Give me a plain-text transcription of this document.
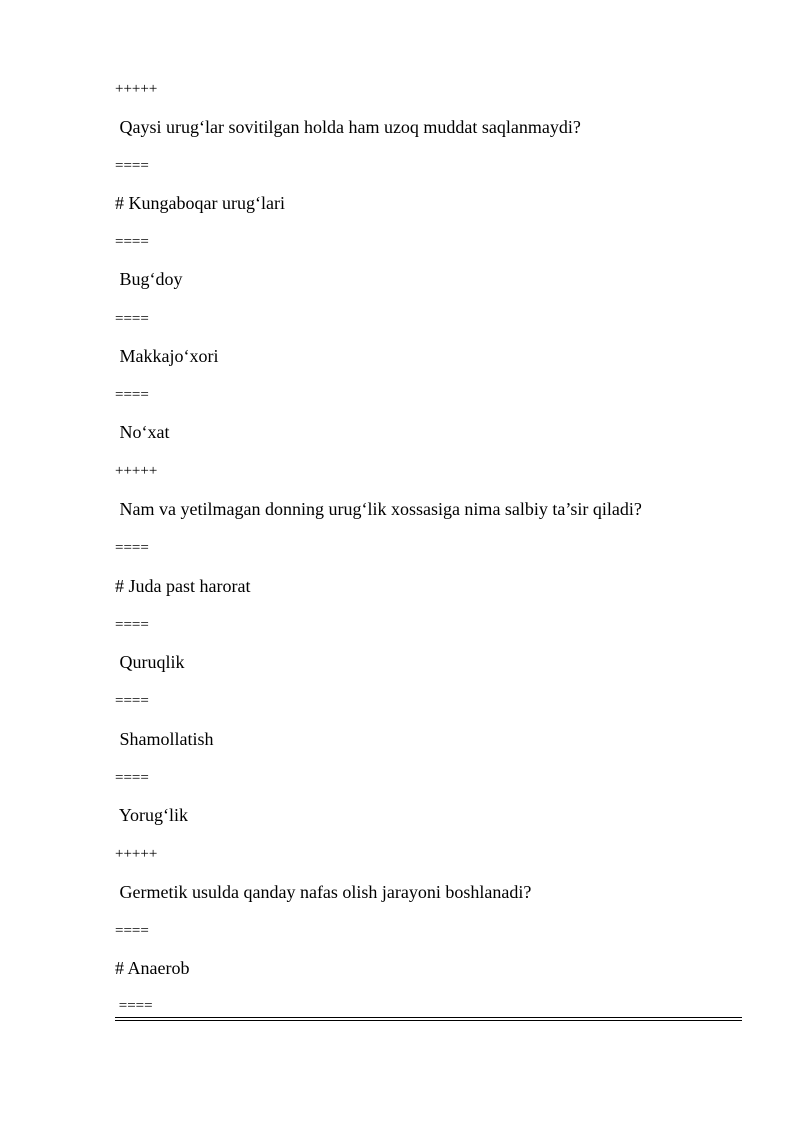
+++++
Qaysi urug‘lar sovitilgan holda ham uzoq muddat saqlanmaydi?
====
# Kungaboqar urug‘lari
====
Bug‘doy
====
Makkajo‘xori
====
No‘xat
+++++
Nam va yetilmagan donning urug‘lik xossasiga nima salbiy ta’sir qiladi?
====
# Juda past harorat
====
Quruqlik
====
Shamollatish
====
Yorug‘lik
+++++
Germetik usulda qanday nafas olish jarayoni boshlanadi?
====
# Anaerob
====
